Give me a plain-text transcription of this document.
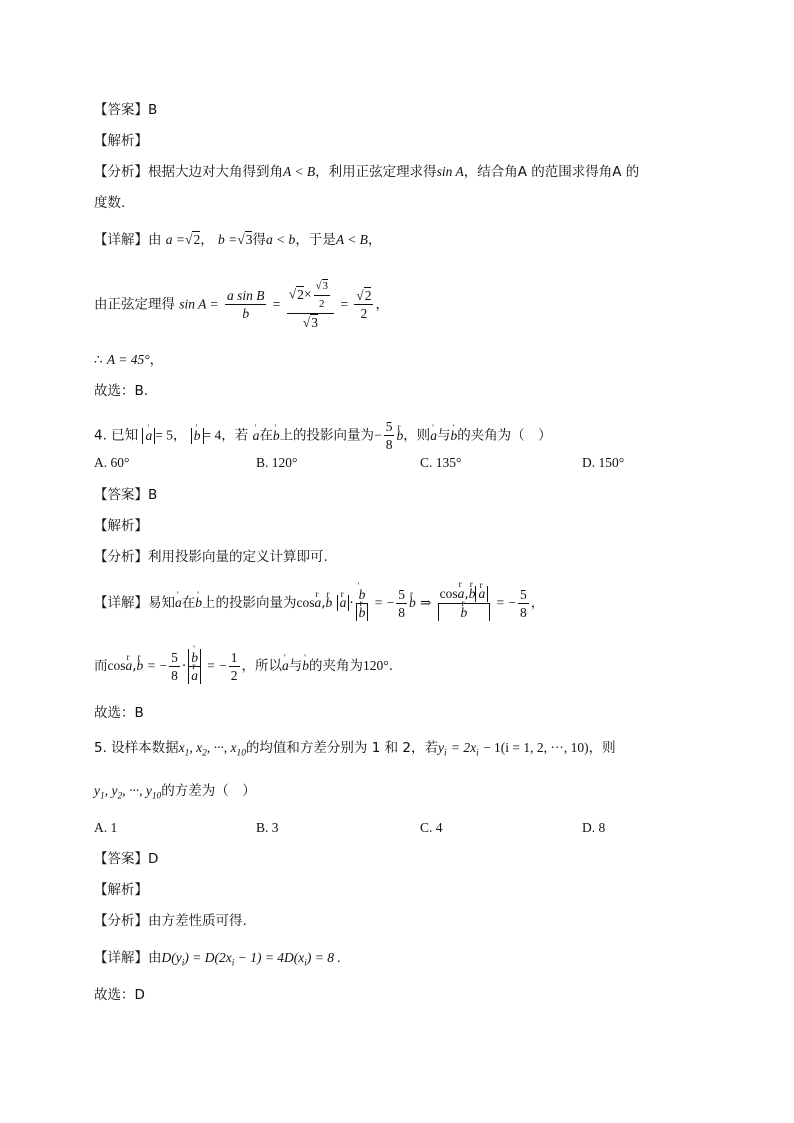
【答案】B
【解析】
【分析】根据大边对大角得到角A < B，利用正弦定理求得sin A，结合角A 的范围求得角A 的
度数.
【详解】由 a =√2， b =√3得a < b，于是A < B，
由正弦定理得 $\sin A = \frac{\text{a sin B}}{b} = \frac{√2\times \frac{√3}{2}}{√3} = \frac{√2}{2}$ ，
∴ A = 45°，
故选：B.
4. 已知 ' a = 5， ' b = 4，若 ' a在' b上的投影向量为− $\frac{5}{8}$ r b，则' a与' b的夹角为（　）
A. 60°	B. 120°	C. 135°	D. 150°
【答案】B
【解析】
【分析】利用投影向量的定义计算即可.
【详解】易知' a在' b上的投影向量为cosr a,r b r a · ' b
r b = − $\frac{5}{8}$ r b ⇒ cosr a,r b r a
r b = − $\frac{5}{8}$ ，
而cosr a,r b = − $\frac{5}{8}$ · ' b
r a = − $\frac{1}{2}$ ，所以' a与' b的夹角为120°.
故选：B
5. 设样本数据$x_1$, $x_2$, ···, $x_{10}$的均值和方差分别为 1 和 2，若$y_i = 2x_i - 1(i = 1$, 2, ···, 10)，则
$y_1$, $y_2$, ···, $y_{10}$的方差为（　）
A. 1	B. 3	C. 4	D. 8
【答案】D
【解析】
【分析】由方差性质可得.
【详解】由$D(y_i) = D(2x_i - 1) = 4D(x_i) = 8$ .
故选：D
